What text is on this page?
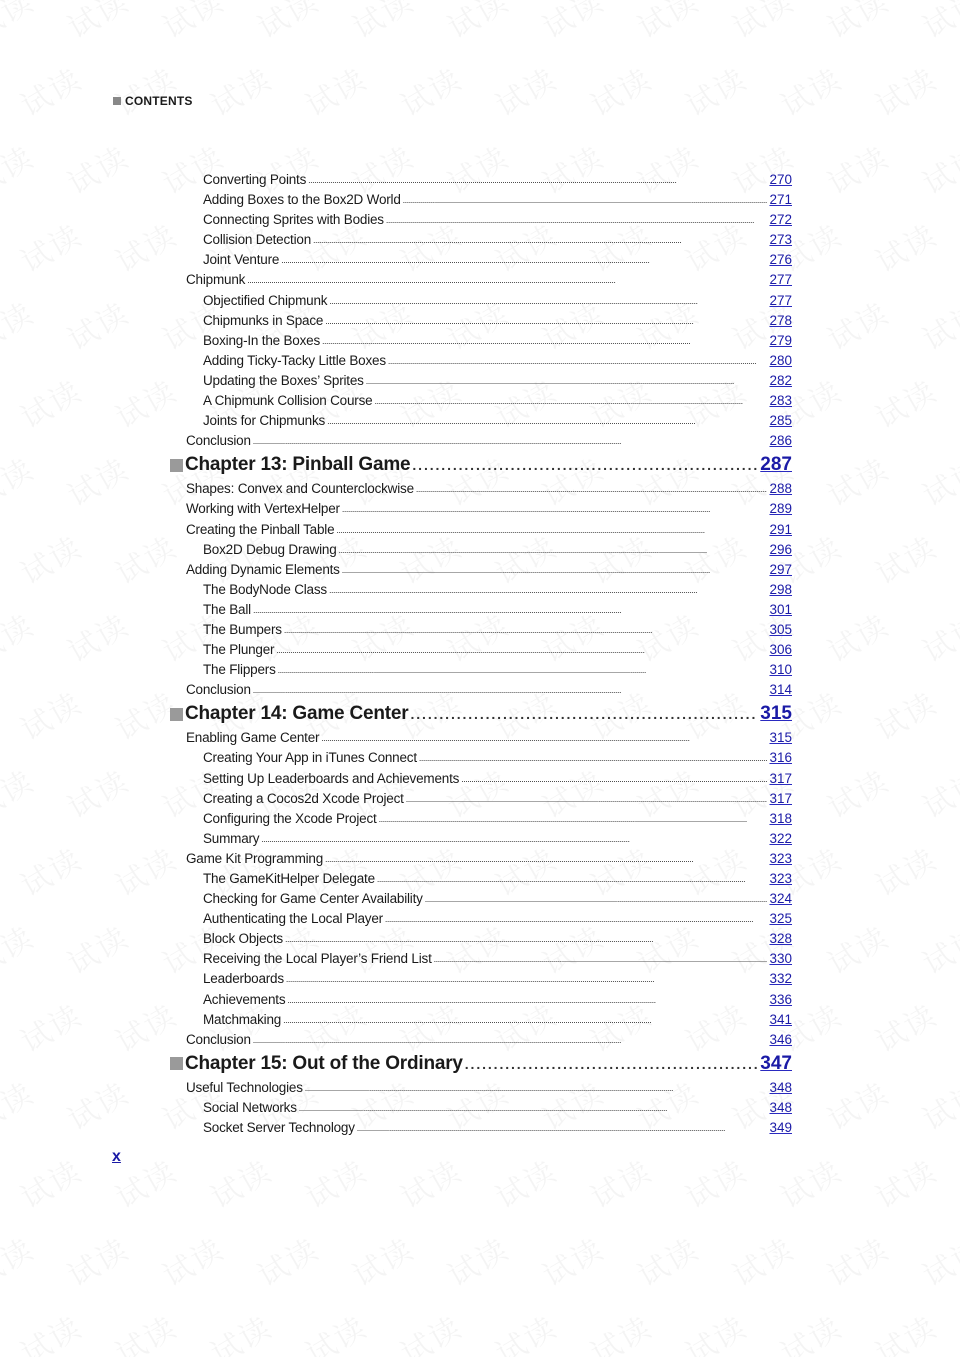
CONTENTS
Converting Points . . .	270
Adding Boxes to the Box2D World . . .	271
Connecting Sprites with Bodies . . .	272
Collision Detection . . .	273
Joint Venture . . .	276
Chipmunk . . .	277
Objectified Chipmunk . . .	277
Chipmunks in Space . . .	278
Boxing-In the Boxes . . .	279
Adding Ticky-Tacky Little Boxes . . .	280
Updating the Boxes’ Sprites . . .	282
A Chipmunk Collision Course . . .	283
Joints for Chipmunks . . .	285
Conclusion . . .	286
Chapter 13: Pinball Game . . .	287
Shapes: Convex and Counterclockwise . . .	288
Working with VertexHelper . . .	289
Creating the Pinball Table . . .	291
Box2D Debug Drawing . . .	296
Adding Dynamic Elements . . .	297
The BodyNode Class . . .	298
The Ball . . .	301
The Bumpers . . .	305
The Plunger . . .	306
The Flippers . . .	310
Conclusion . . .	314
Chapter 14: Game Center . . .	315
Enabling Game Center . . .	315
Creating Your App in iTunes Connect . . .	316
Setting Up Leaderboards and Achievements . . .	317
Creating a Cocos2d Xcode Project . . .	317
Configuring the Xcode Project . . .	318
Summary . . .	322
Game Kit Programming . . .	323
The GameKitHelper Delegate . . .	323
Checking for Game Center Availability . . .	324
Authenticating the Local Player . . .	325
Block Objects . . .	328
Receiving the Local Player’s Friend List . . .	330
Leaderboards . . .	332
Achievements . . .	336
Matchmaking . . .	341
Conclusion . . .	346
Chapter 15: Out of the Ordinary . . .	347
Useful Technologies . . .	348
Social Networks . . .	348
Socket Server Technology . . .	349
x
